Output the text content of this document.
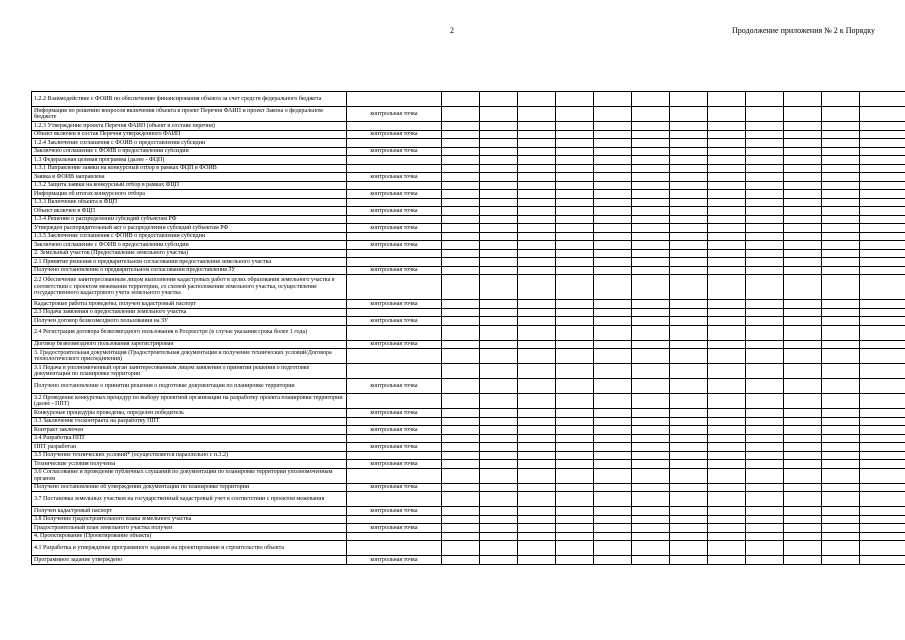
2	Продолжение приложения № 2 к Порядку
1.2.2 Взаимодействие с ФОИВ по обеспечению финансирования объекта за счет средств федерального бюджета													
Информация по решению вопросов включения объекта в проект Перечня ФАИП и проект Закона о федеральном бюджете	контрольная точка												
1.2.3 Утверждение проекта Перечня ФАИП (объект в составе перечня)													
Объект включен в состав Перечня утвержденного ФАИП	контрольная точка												
1.2.4 Заключение соглашения с ФОИВ о предоставлении субсидии													
Заключено соглашение с ФОИВ о предоставлении субсидии	контрольная точка												
1.3 Федеральная целевая программа (далее - ФЦП)													
1.3.1 Направление заявки на конкурсный отбор в рамках ФЦП в ФОИВ													
Заявка в ФОИВ направлена	контрольная точка												
1.3.2 Защита заявки на конкурсный отбор в рамках ФЦП													
Информация об итогах конкурсного отбора	контрольная точка												
1.3.3 Включение объекта в ФЦП													
Объект включен в ФЦП	контрольная точка												
1.3.4 Решение о распределении субсидий субъектам РФ													
Утвержден распорядительный акт о распределении субсидий субъектам РФ	контрольная точка												
1.3.5 Заключение соглашения с ФОИВ о предоставлении субсидии													
Заключено соглашение с ФОИВ о предоставлении субсидии	контрольная точка												
2. Земельный участок (Предоставление земельного участка)													
2.1 Принятие решения о предварительном согласовании предоставления земельного участка													
Получено постановление о предварительном согласовании предоставления ЗУ	контрольная точка												
2.2 Обеспечение заинтересованным лицом выполнения кадастровых работ в целях образования земельного участка в соответствии с проектом межевания территории, со схемой расположения земельного участка, осуществление государственного кадастрового учета земельного участка													
Кадастровые работы проведены, получен кадастровый паспорт	контрольная точка												
2.3 Подача заявления о предоставлении земельного участка													
Получен договор безвозмездного пользования на ЗУ	контрольная точка												
2.4 Регистрация договора безвозмездного пользования в Росреестре (в случае указания срока более 1 года)													
Договор безвозмездного пользования зарегистрирован	контрольная точка												
3. Градостроительная документация (Градостроительная документация и получение технических условий/Договора технологического присоединения)													
3.1 Подача в уполномоченный орган заинтересованным лицом заявления о принятии решения о подготовке документации по планировке территории													
Получено постановление о принятии решения о подготовке документации по планировке территории	контрольная точка												
3.2 Проведение конкурсных процедур по выбору проектной организации на разработку проекта планировки территории (далее - ППТ)													
Конкурсные процедуры проведены, определен победитель	контрольная точка												
3.3 Заключение госконтракта на разработку ППТ													
Контракт заключен	контрольная точка												
3.4 Разработка ППТ													
ППТ разработан	контрольная точка												
3.5 Получение технических условий* (осуществляется параллельно с п.3.2)													
Технические условия получены	контрольная точка												
3.6 Согласование и проведение публичных слушаний по документации по планировке территории уполномоченным органом													
Получено постановление об утверждении документации по планировке территории	контрольная точка												
3.7 Постановка земельных участков на государственный кадастровый учет в соответствии с проектом межевания													
Получен кадастровый паспорт	контрольная точка												
3.8 Получение градостроительного плана земельного участка													
Градостроительный план земельного участка получен	контрольная точка												
4. Проектирование (Проектирование объекта)													
4.1 Разработка и утверждение программного задания на проектирование и строительство объекта													
Программное задание утверждено	контрольная точка												
